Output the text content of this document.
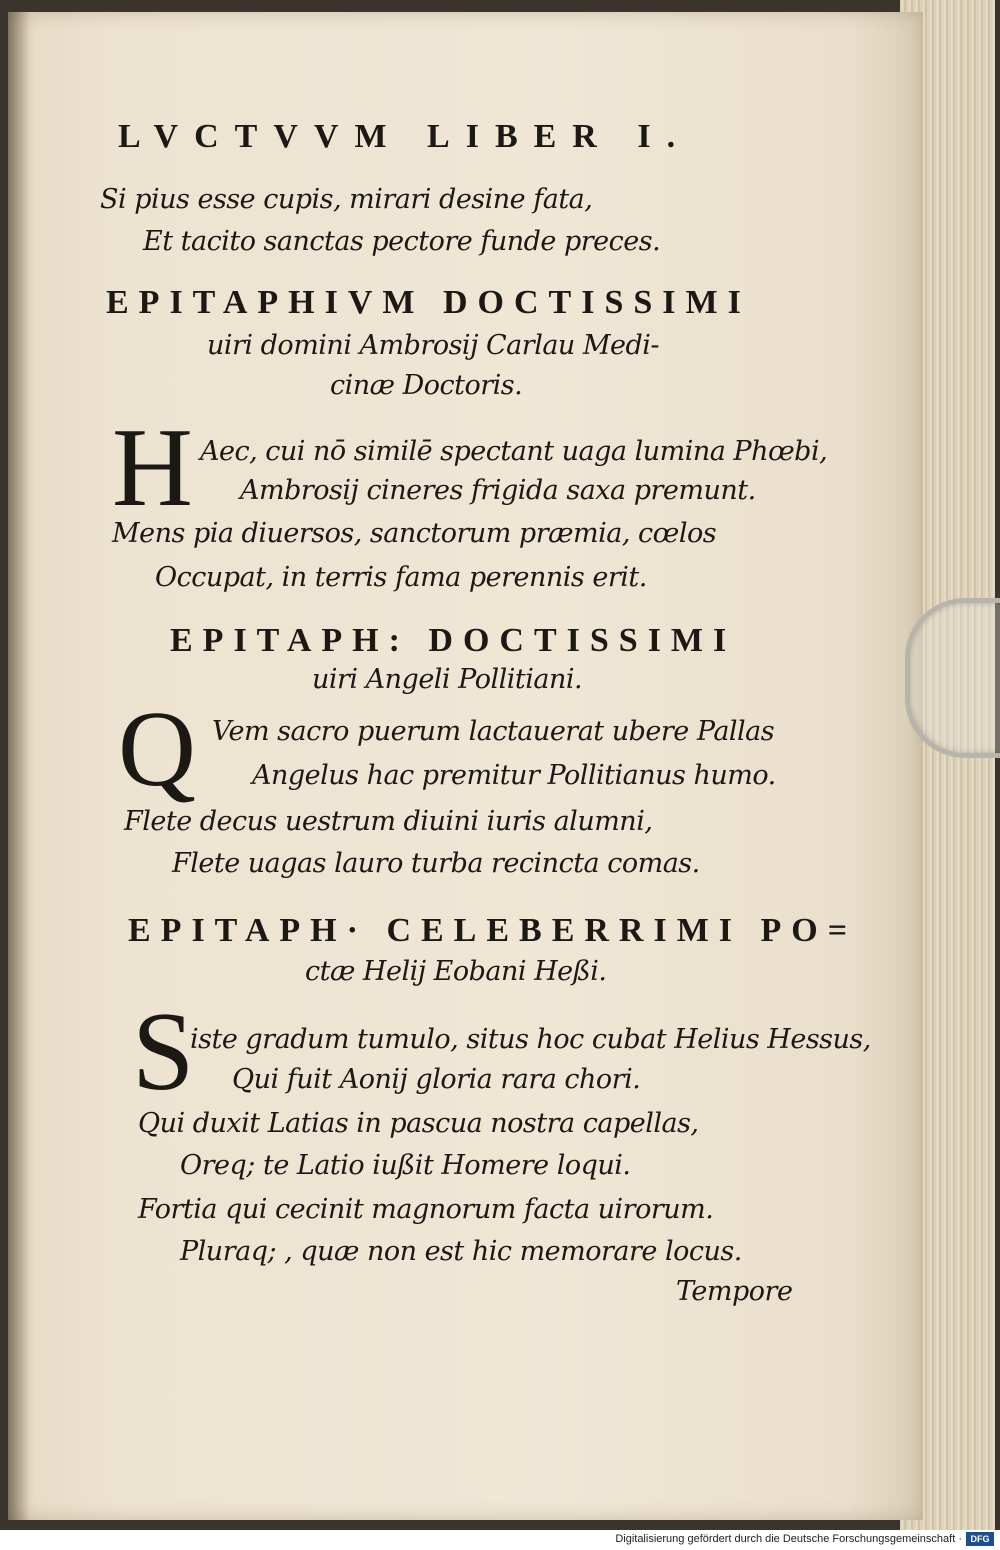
LVCTVVM LIBER I.
Si pius esse cupis, mirari desine fata,
Et tacito sanctas pectore funde preces.
EPITAPHIVM DOCTISSIMI
uiri domini Ambrosij Carlau Medi-
cinæ Doctoris.
H Aec, cui nō similē spectant uaga lumina Phœbi,
Ambrosij cineres frigida saxa premunt.
Mens pia diuersos, sanctorum præmia, cœlos
Occupat, in terris fama perennis erit.
EPITAPH: DOCTISSIMI
uiri Angeli Pollitiani.
Q Vem sacro puerum lactauerat ubere Pallas
Angelus hac premitur Pollitianus humo.
Flete decus uestrum diuini iuris alumni,
Flete uagas lauro turba recincta comas.
EPITAPH· CELEBERRIMI PO=
ctæ Helij Eobani Heßi.
S
iste gradum tumulo, situs hoc cubat Helius Hessus,
Qui fuit Aonij gloria rara chori.
Qui duxit Latias in pascua nostra capellas,
Oreq; te Latio iußit Homere loqui.
Fortia qui cecinit magnorum facta uirorum.
Pluraq; , quæ non est hic memorare locus.
Tempore
Digitalisierung gefördert durch die Deutsche Forschungsgemeinschaft · DFG
